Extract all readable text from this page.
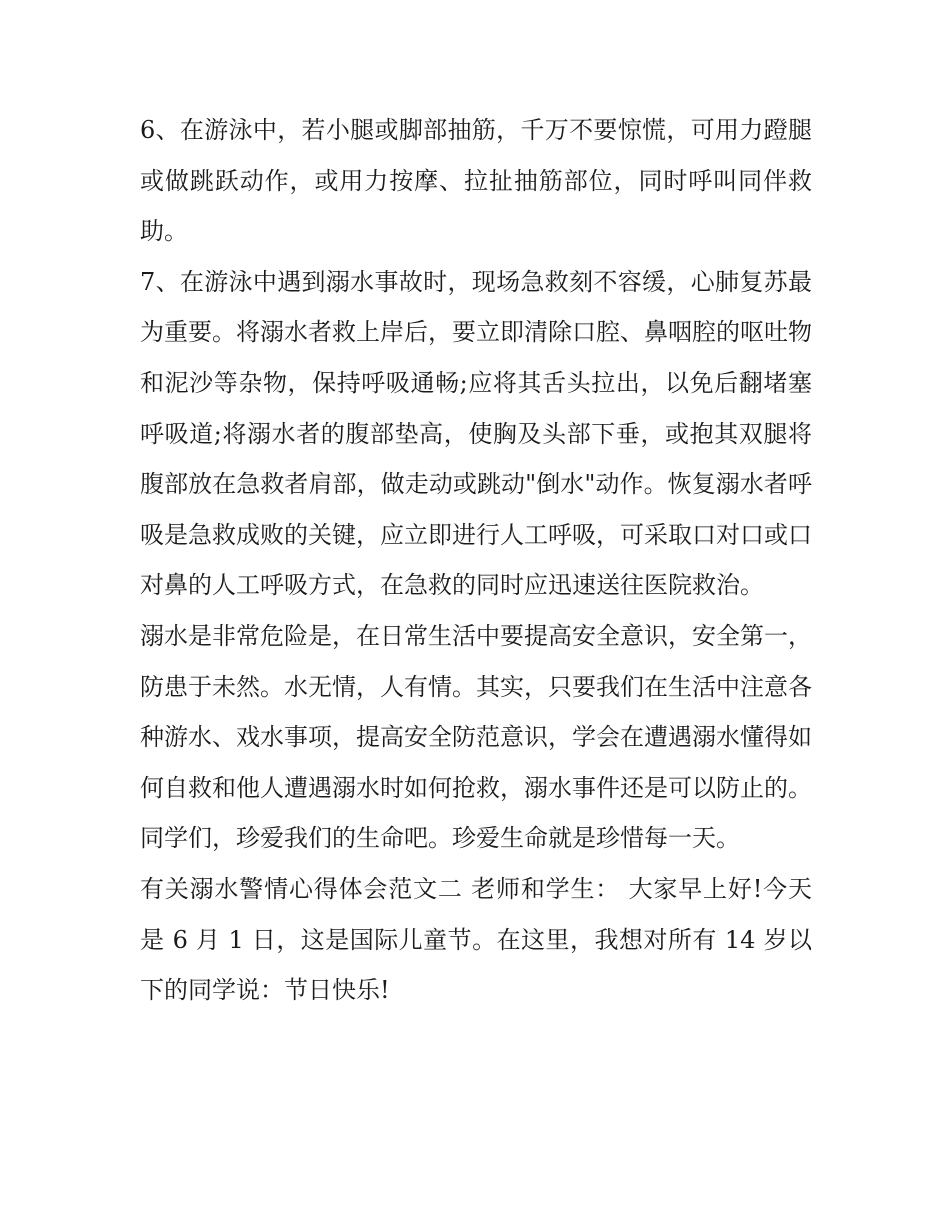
6、在游泳中，若小腿或脚部抽筋，千万不要惊慌，可用力蹬腿或做跳跃动作，或用力按摩、拉扯抽筋部位，同时呼叫同伴救助。

7、在游泳中遇到溺水事故时，现场急救刻不容缓，心肺复苏最为重要。将溺水者救上岸后，要立即清除口腔、鼻咽腔的呕吐物和泥沙等杂物，保持呼吸通畅;应将其舌头拉出，以免后翻堵塞呼吸道;将溺水者的腹部垫高，使胸及头部下垂，或抱其双腿将腹部放在急救者肩部，做走动或跳动"倒水"动作。恢复溺水者呼吸是急救成败的关键，应立即进行人工呼吸，可采取口对口或口对鼻的人工呼吸方式，在急救的同时应迅速送往医院救治。

溺水是非常危险是，在日常生活中要提高安全意识，安全第一，防患于未然。水无情，人有情。其实，只要我们在生活中注意各种游水、戏水事项，提高安全防范意识，学会在遭遇溺水懂得如何自救和他人遭遇溺水时如何抢救，溺水事件还是可以防止的。同学们，珍爱我们的生命吧。珍爱生命就是珍惜每一天。

有关溺水警情心得体会范文二 老师和学生： 大家早上好!今天是 6 月 1 日，这是国际儿童节。在这里，我想对所有 14 岁以下的同学说：节日快乐!
